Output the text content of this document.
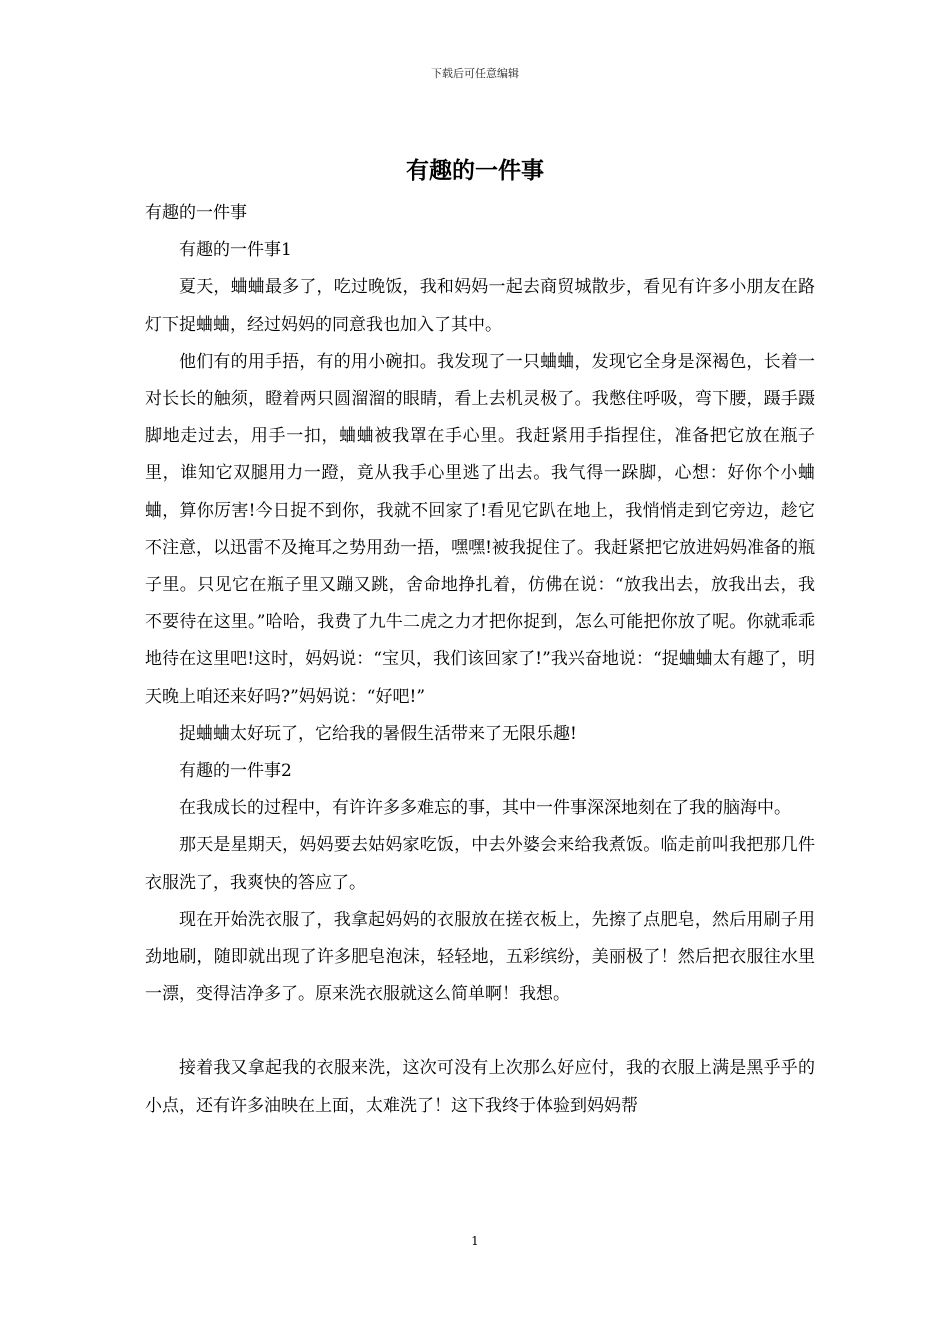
下载后可任意编辑
有趣的一件事

有趣的一件事

有趣的一件事1

夏天，蛐蛐最多了，吃过晚饭，我和妈妈一起去商贸城散步，看见有许多小朋友在路灯下捉蛐蛐，经过妈妈的同意我也加入了其中。

他们有的用手捂，有的用小碗扣。我发现了一只蛐蛐，发现它全身是深褐色，长着一对长长的触须，瞪着两只圆溜溜的眼睛，看上去机灵极了。我憋住呼吸，弯下腰，蹑手蹑脚地走过去，用手一扣，蛐蛐被我罩在手心里。我赶紧用手指捏住，准备把它放在瓶子里，谁知它双腿用力一蹬，竟从我手心里逃了出去。我气得一跺脚，心想：好你个小蛐蛐，算你厉害!今日捉不到你，我就不回家了!看见它趴在地上，我悄悄走到它旁边，趁它不注意，以迅雷不及掩耳之势用劲一捂，嘿嘿!被我捉住了。我赶紧把它放进妈妈准备的瓶子里。只见它在瓶子里又蹦又跳，舍命地挣扎着，仿佛在说：“放我出去，放我出去，我不要待在这里。”哈哈，我费了九牛二虎之力才把你捉到，怎么可能把你放了呢。你就乖乖地待在这里吧!这时，妈妈说：“宝贝，我们该回家了!”我兴奋地说：“捉蛐蛐太有趣了，明天晚上咱还来好吗?”妈妈说：“好吧!”

捉蛐蛐太好玩了，它给我的暑假生活带来了无限乐趣!

有趣的一件事2

在我成长的过程中，有许许多多难忘的事，其中一件事深深地刻在了我的脑海中。

那天是星期天，妈妈要去姑妈家吃饭，中去外婆会来给我煮饭。临走前叫我把那几件衣服洗了，我爽快的答应了。

现在开始洗衣服了，我拿起妈妈的衣服放在搓衣板上，先擦了点肥皂，然后用刷子用劲地刷，随即就出现了许多肥皂泡沫，轻轻地，五彩缤纷，美丽极了！然后把衣服往水里一漂，变得洁净多了。原来洗衣服就这么简单啊！我想。

接着我又拿起我的衣服来洗，这次可没有上次那么好应付，我的衣服上满是黑乎乎的小点，还有许多油映在上面，太难洗了！这下我终于体验到妈妈帮

1
